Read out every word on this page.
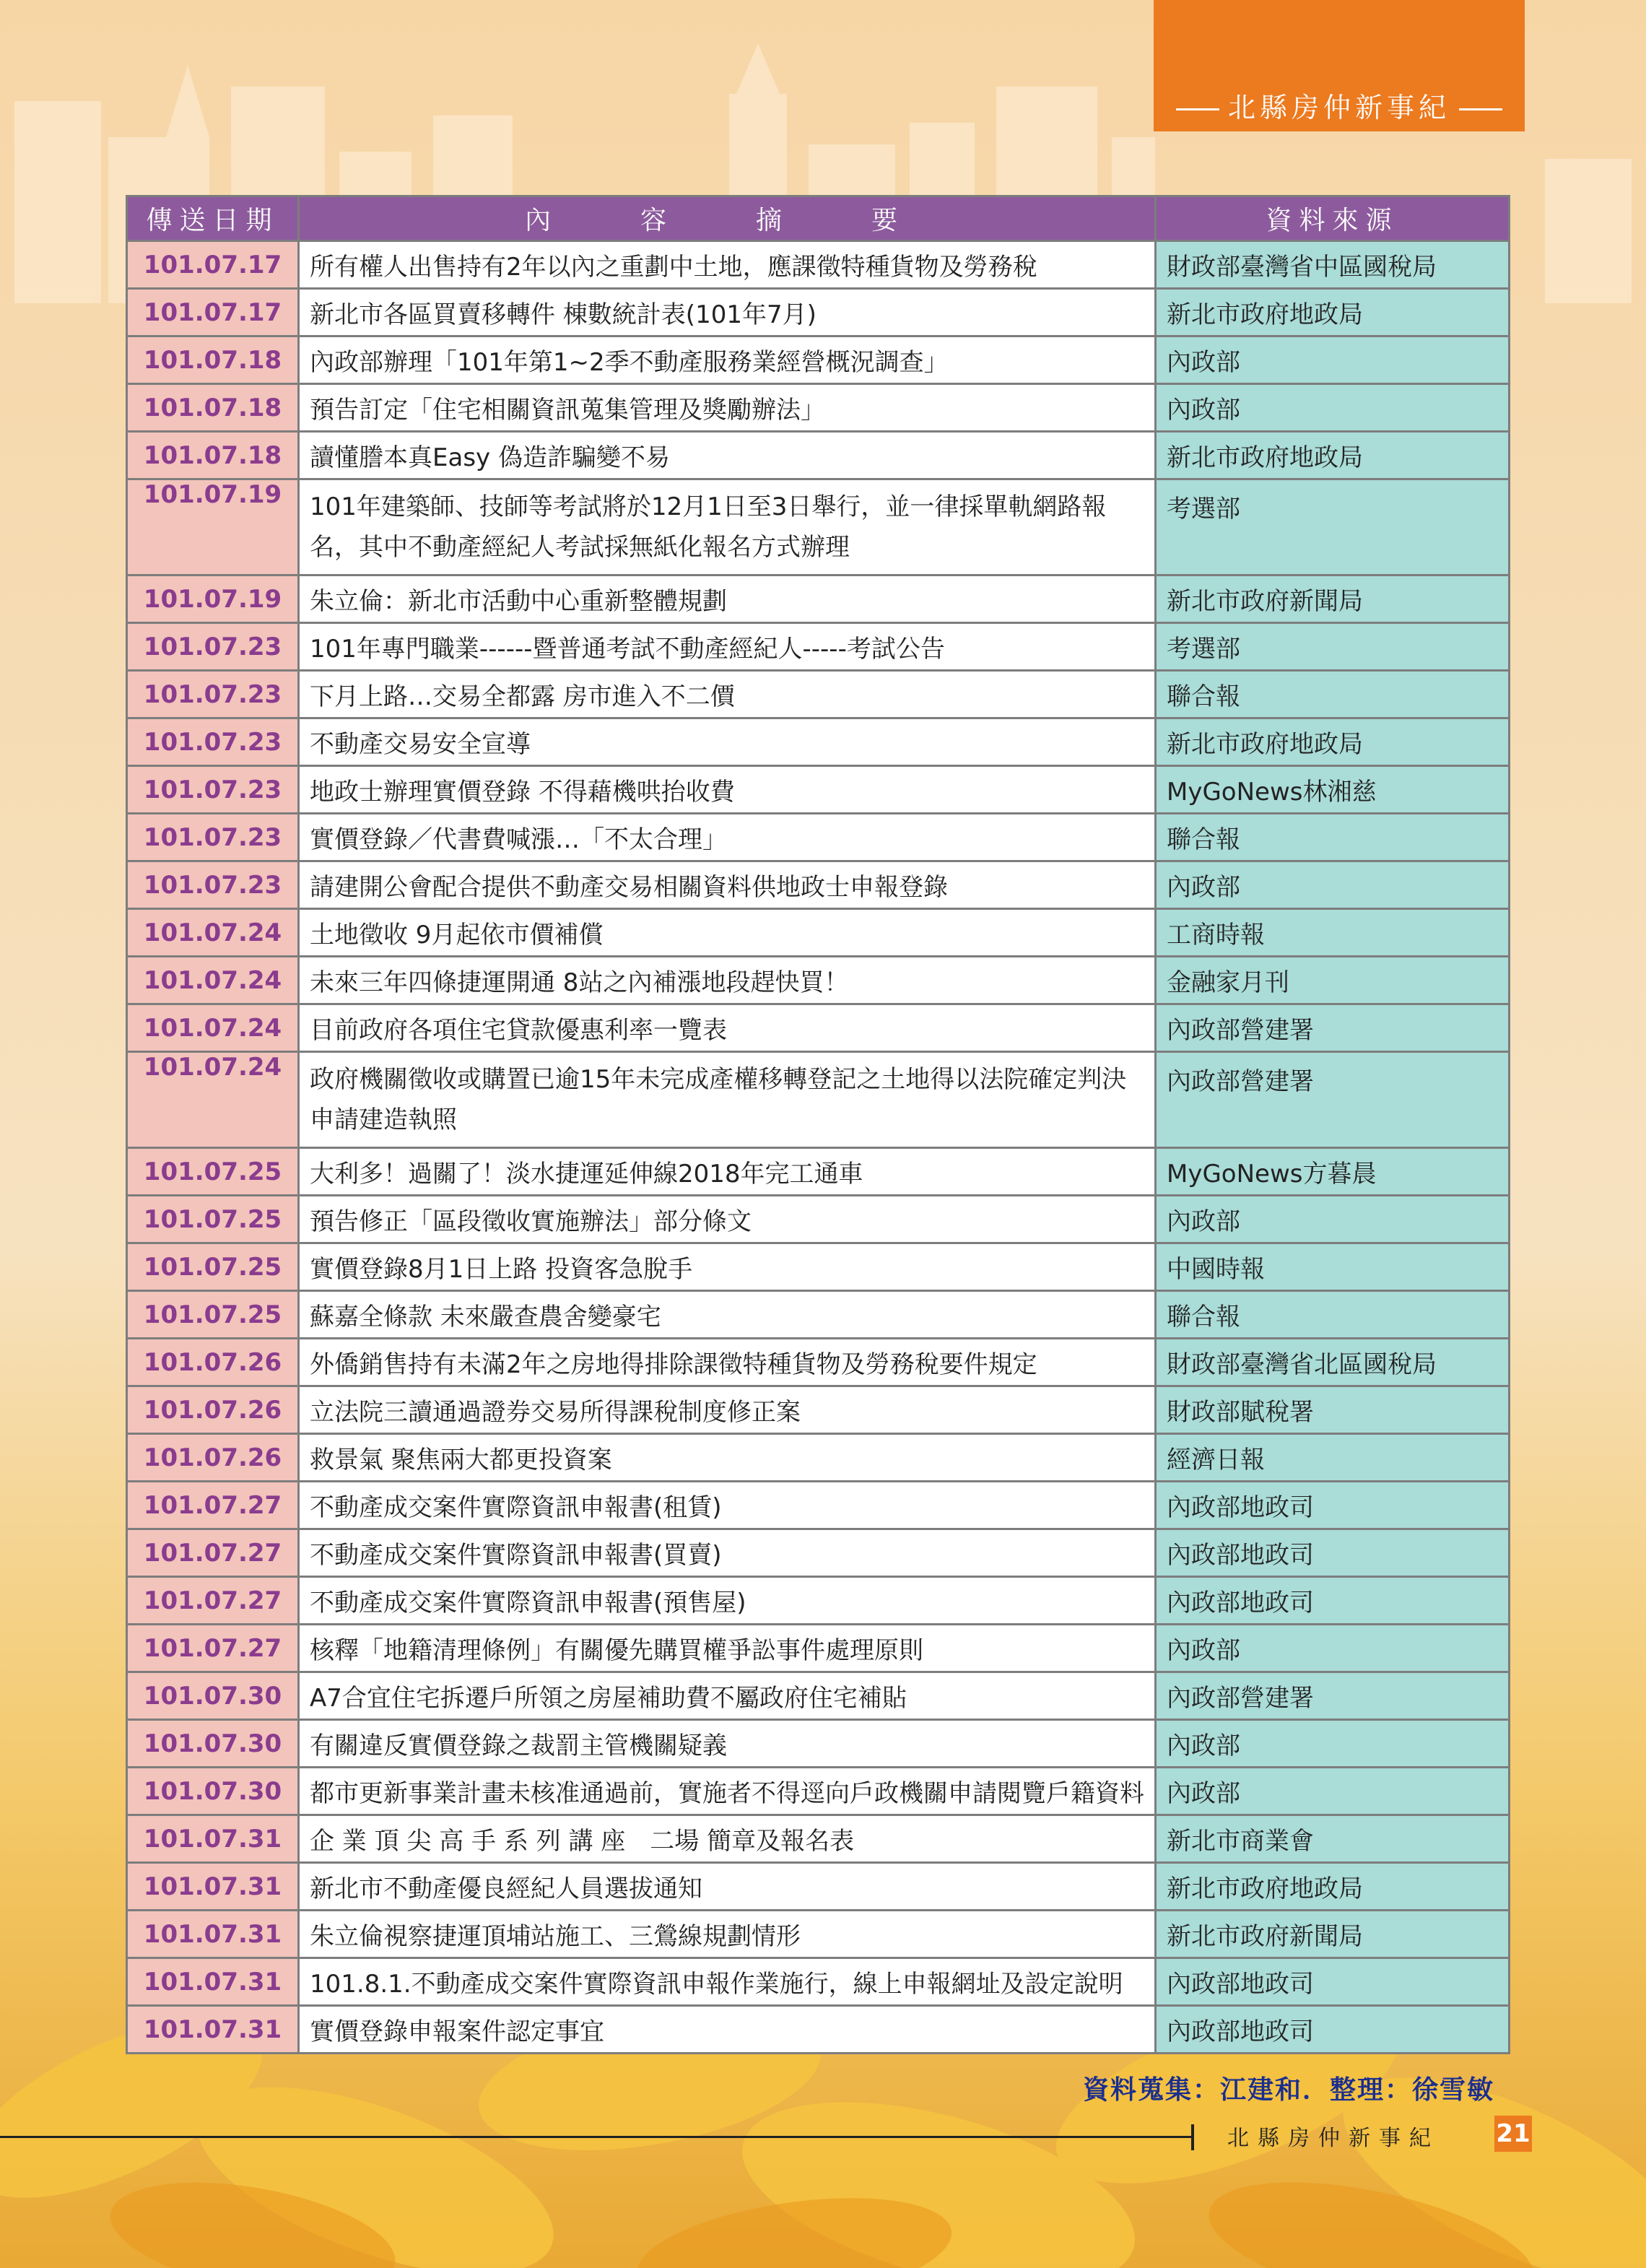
北縣房仲新事紀
傳送日期	內　容　摘　要	資料來源
101.07.17	所有權人出售持有2年以內之重劃中土地，應課徵特種貨物及勞務稅	財政部臺灣省中區國稅局
101.07.17	新北市各區買賣移轉件 棟數統計表(101年7月)	新北市政府地政局
101.07.18	內政部辦理「101年第1~2季不動產服務業經營概況調查」	內政部
101.07.18	預告訂定「住宅相關資訊蒐集管理及獎勵辦法」	內政部
101.07.18	讀懂謄本真Easy 偽造詐騙變不易	新北市政府地政局
101.07.19	101年建築師、技師等考試將於12月1日至3日舉行，並一律採單軌網路報名，其中不動產經紀人考試採無紙化報名方式辦理	考選部
101.07.19	朱立倫：新北市活動中心重新整體規劃	新北市政府新聞局
101.07.23	101年專門職業------暨普通考試不動產經紀人-----考試公告	考選部
101.07.23	下月上路…交易全都露 房市進入不二價	聯合報
101.07.23	不動產交易安全宣導	新北市政府地政局
101.07.23	地政士辦理實價登錄 不得藉機哄抬收費	MyGoNews林湘慈
101.07.23	實價登錄／代書費喊漲…「不太合理」	聯合報
101.07.23	請建開公會配合提供不動產交易相關資料供地政士申報登錄	內政部
101.07.24	土地徵收 9月起依市價補償	工商時報
101.07.24	未來三年四條捷運開通 8站之內補漲地段趕快買！	金融家月刊
101.07.24	目前政府各項住宅貸款優惠利率一覽表	內政部營建署
101.07.24	政府機關徵收或購置已逾15年未完成產權移轉登記之土地得以法院確定判決申請建造執照	內政部營建署
101.07.25	大利多！過關了！淡水捷運延伸線2018年完工通車	MyGoNews方暮晨
101.07.25	預告修正「區段徵收實施辦法」部分條文	內政部
101.07.25	實價登錄8月1日上路 投資客急脫手	中國時報
101.07.25	蘇嘉全條款 未來嚴查農舍變豪宅	聯合報
101.07.26	外僑銷售持有未滿2年之房地得排除課徵特種貨物及勞務稅要件規定	財政部臺灣省北區國稅局
101.07.26	立法院三讀通過證券交易所得課稅制度修正案	財政部賦稅署
101.07.26	救景氣 聚焦兩大都更投資案	經濟日報
101.07.27	不動產成交案件實際資訊申報書(租賃)	內政部地政司
101.07.27	不動產成交案件實際資訊申報書(買賣)	內政部地政司
101.07.27	不動產成交案件實際資訊申報書(預售屋)	內政部地政司
101.07.27	核釋「地籍清理條例」有關優先購買權爭訟事件處理原則	內政部
101.07.30	A7合宜住宅拆遷戶所領之房屋補助費不屬政府住宅補貼	內政部營建署
101.07.30	有關違反實價登錄之裁罰主管機關疑義	內政部
101.07.30	都市更新事業計畫未核准通過前，實施者不得逕向戶政機關申請閱覽戶籍資料	內政部
101.07.31	企 業 頂 尖 高 手 系 列 講 座　二場 簡章及報名表	新北市商業會
101.07.31	新北市不動產優良經紀人員選拔通知	新北市政府地政局
101.07.31	朱立倫視察捷運頂埔站施工、三鶯線規劃情形	新北市政府新聞局
101.07.31	101.8.1.不動產成交案件實際資訊申報作業施行，線上申報網址及設定說明	內政部地政司
101.07.31	實價登錄申報案件認定事宜	內政部地政司
資料蒐集：江建和．整理：徐雪敏
北縣房仲新事紀 21
